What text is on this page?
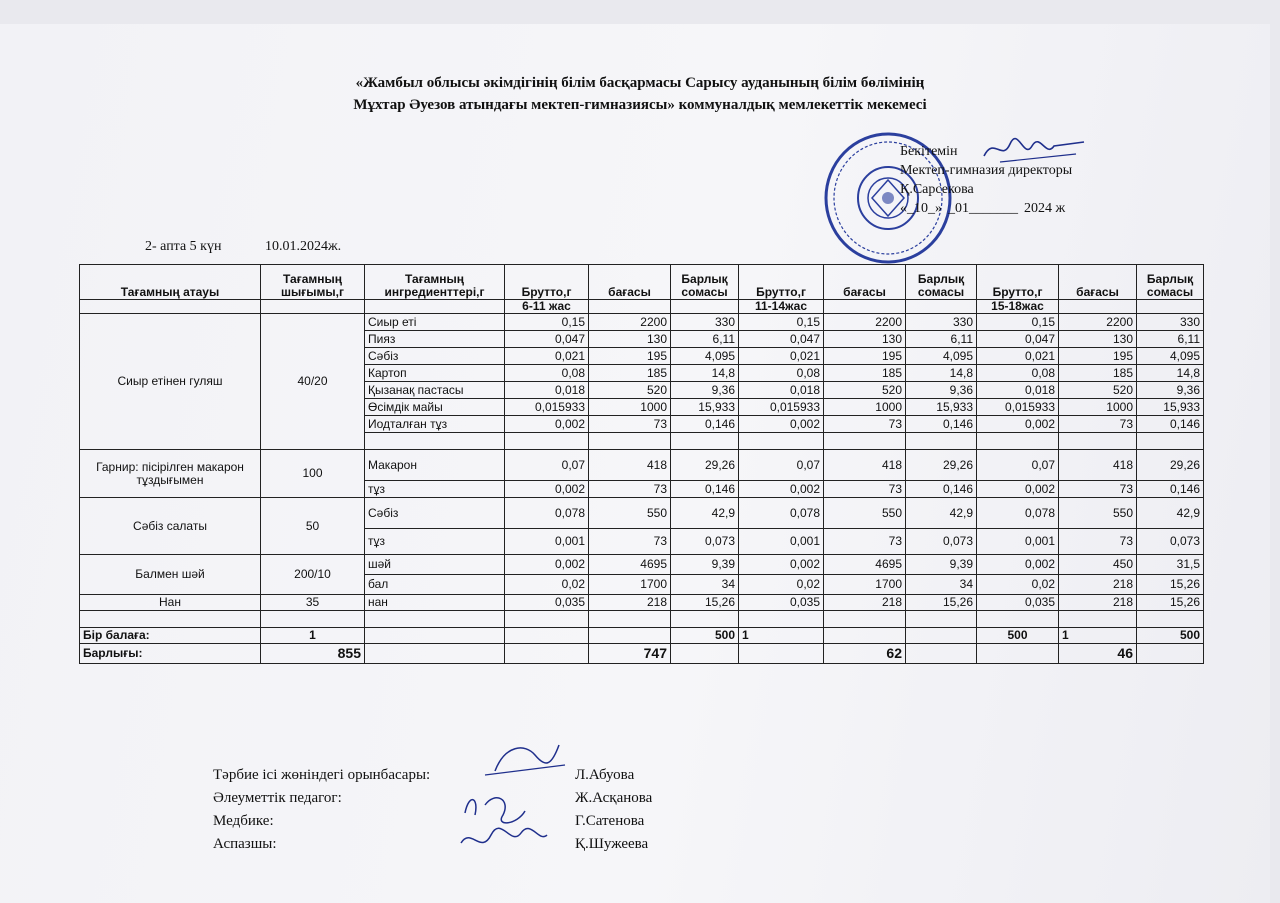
«Жамбыл облысы әкімдігінің білім басқармасы Сарысу ауданының білім бөлімінің
Мұхтар Әуезов атындағы мектеп-гимназиясы» коммуналдық мемлекеттік мекемесі
Бекітемін
Мектеп-гимназия директоры
Қ.Сарсекова
«_10_» _01_______ 2024 ж
2- апта 5 күн	10.01.2024ж.
Тағамның атауы	Тағамның шығымы,г	Тағамның ингредиенттері,г	Брутто,г	бағасы	Барлық сомасы	Брутто,г	бағасы	Барлық сомасы	Брутто,г	бағасы	Барлық сомасы
			6-11 жас			11-14жас			15-18жас		
Сиыр етінен гуляш	40/20	Сиыр еті	0,15	2200	330	0,15	2200	330	0,15	2200	330
		Пияз	0,047	130	6,11	0,047	130	6,11	0,047	130	6,11
		Сәбіз	0,021	195	4,095	0,021	195	4,095	0,021	195	4,095
		Картоп	0,08	185	14,8	0,08	185	14,8	0,08	185	14,8
		Қызанақ пастасы	0,018	520	9,36	0,018	520	9,36	0,018	520	9,36
		Өсімдік майы	0,015933	1000	15,933	0,015933	1000	15,933	0,015933	1000	15,933
		Иодталған тұз	0,002	73	0,146	0,002	73	0,146	0,002	73	0,146

Гарнир: пісірілген макарон тұздығымен	100	Макарон	0,07	418	29,26	0,07	418	29,26	0,07	418	29,26
		тұз	0,002	73	0,146	0,002	73	0,146	0,002	73	0,146
Сәбіз салаты	50	Сәбіз	0,078	550	42,9	0,078	550	42,9	0,078	550	42,9
		тұз	0,001	73	0,073	0,001	73	0,073	0,001	73	0,073
Балмен шәй	200/10	шәй	0,002	4695	9,39	0,002	4695	9,39	0,002	450	31,5
		бал	0,02	1700	34	0,02	1700	34	0,02	218	15,26
Нан	35	нан	0,035	218	15,26	0,035	218	15,26	0,035	218	15,26

Бір балаға:	1				500	1			500	1	500
Барлығы:	855			747			62			46	
Тәрбие ісі жөніндегі орынбасары:	Л.Абуова
Әлеуметтік педагог:	Ж.Асқанова
Медбике:	Г.Сатенова
Аспазшы:	Қ.Шужеева
